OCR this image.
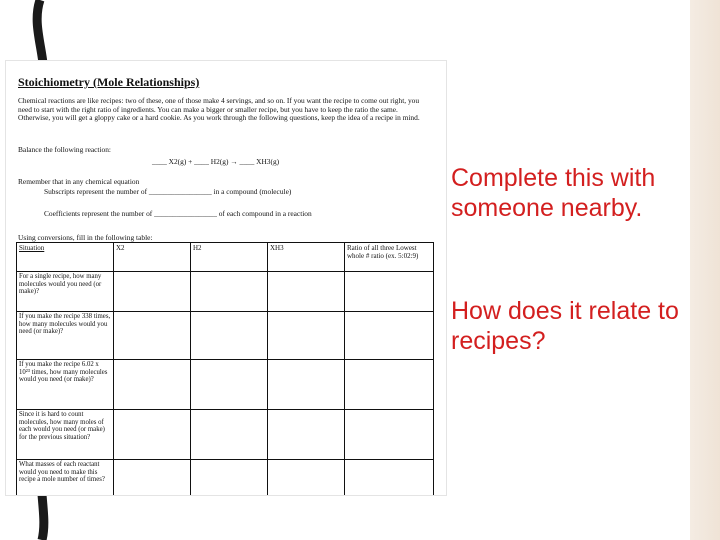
Stoichiometry (Mole Relationships)

Chemical reactions are like recipes: two of these, one of those make 4 servings, and so on. If you want the recipe to come out right, you need to start with the right ratio of ingredients. You can make a bigger or smaller recipe, but you have to keep the ratio the same. Otherwise, you will get a gloppy cake or a hard cookie. As you work through the following questions, keep the idea of a recipe in mind.

Balance the following reaction:

____ X2(g) + ____ H2(g) → ____ XH3(g)

Remember that in any chemical equation

Subscripts represent the number of _________________ in a compound (molecule)

Coefficients represent the number of _________________ of each compound in a reaction

Using conversions, fill in the following table:

Situation	X2	H2	XH3	Ratio of all three Lowest whole # ratio (ex. 5:02:9)
For a single recipe, how many molecules would you need (or make)?				
If you make the recipe 338 times, how many molecules would you need (or make)?				
If you make the recipe 6.02 x 10²³ times, how many molecules would you need (or make)?				
Since it is hard to count molecules, how many moles of each would you need (or make) for the previous situation?				
What masses of each reactant would you need to make this recipe a mole number of times?				

Complete this with someone nearby.

How does it relate to recipes?
